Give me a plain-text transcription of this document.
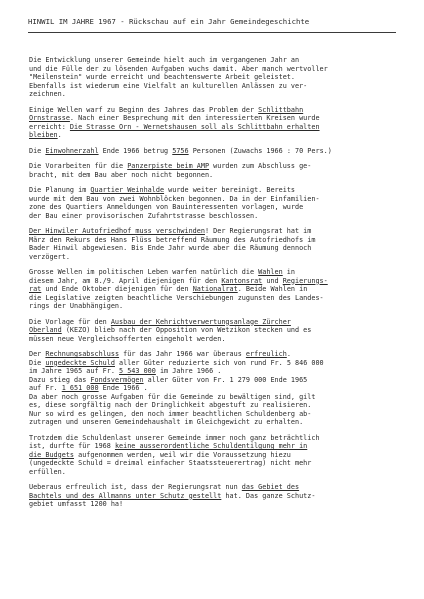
HINWIL IM JAHRE 1967 - Rückschau auf ein Jahr Gemeindegeschichte
Die Entwicklung unserer Gemeinde hielt auch im vergangenen Jahr an
und die Fülle der zu lösenden Aufgaben wuchs damit. Aber manch wertvoller
"Meilenstein" wurde erreicht und beachtenswerte Arbeit geleistet.
Ebenfalls ist wiederum eine Vielfalt an kulturellen Anlässen zu ver-
zeichnen.
Einige Wellen warf zu Beginn des Jahres das Problem der Schlittbahn
Ornstrasse. Nach einer Besprechung mit den interessierten Kreisen wurde
erreicht: Die Strasse Orn - Wernetshausen soll als Schlittbahn erhalten
bleiben.
Die Einwohnerzahl Ende 1966 betrug 5756 Personen (Zuwachs 1966 : 70 Pers.)
Die Vorarbeiten für die Panzerpiste beim AMP wurden zum Abschluss ge-
bracht, mit dem Bau aber noch nicht begonnen.
Die Planung im Quartier Weinhalde wurde weiter bereinigt. Bereits
wurde mit dem Bau von zwei Wohnblöcken begonnen. Da in der Einfamilien-
zone des Quartiers Anmeldungen von Bauinteressenten vorlagen, wurde
der Bau einer provisorischen Zufahrtstrasse beschlossen.
Der Hinwiler Autofriedhof muss verschwinden! Der Regierungsrat hat im
März den Rekurs des Hans Flüss betreffend Räumung des Autofriedhofs im
Bader Hinwil abgewiesen. Bis Ende Jahr wurde aber die Räumung dennoch
verzögert.
Grosse Wellen im politischen Leben warfen natürlich die Wahlen in
diesem Jahr, am 8./9. April diejenigen für den Kantonsrat und Regierungs-
rat und Ende Oktober diejenigen für den Nationalrat. Beide Wahlen in
die Legislative zeigten beachtliche Verschiebungen zugunsten des Landes-
rings der Unabhängigen.
Die Vorlage für den Ausbau der Kehrichtverwertungsanlage Zürcher
Oberland (KEZO) blieb nach der Opposition von Wetzikon stecken und es
müssen neue Vergleichsofferten eingeholt werden.
Der Rechnungsabschluss für das Jahr 1966 war überaus erfreulich.
Die ungedeckte Schuld aller Güter reduzierte sich von rund Fr. 5 846 000
im Jahre 1965 auf Fr. 5 543 000 im Jahre 1966 .
Dazu stieg das Fondsvermögen aller Güter von Fr. 1 279 000 Ende 1965
auf Fr. 1 651 000 Ende 1966 .
Da aber noch grosse Aufgaben für die Gemeinde zu bewältigen sind, gilt
es, diese sorgfältig nach der Dringlichkeit abgestuft zu realisieren.
Nur so wird es gelingen, den noch immer beachtlichen Schuldenberg ab-
zutragen und unseren Gemeindehaushalt im Gleichgewicht zu erhalten.
Trotzdem die Schuldenlast unserer Gemeinde immer noch ganz beträchtlich
ist, durfte für 1968 keine ausserordentliche Schuldentilgung mehr in
die Budgets aufgenommen werden, weil wir die Voraussetzung hiezu
(ungedeckte Schuld = dreimal einfacher Staatssteuerertrag) nicht mehr
erfüllen.
Ueberaus erfreulich ist, dass der Regierungsrat nun das Gebiet des
Bachtels und des Allmanns unter Schutz gestellt hat. Das ganze Schutz-
gebiet umfasst 1200 ha!
